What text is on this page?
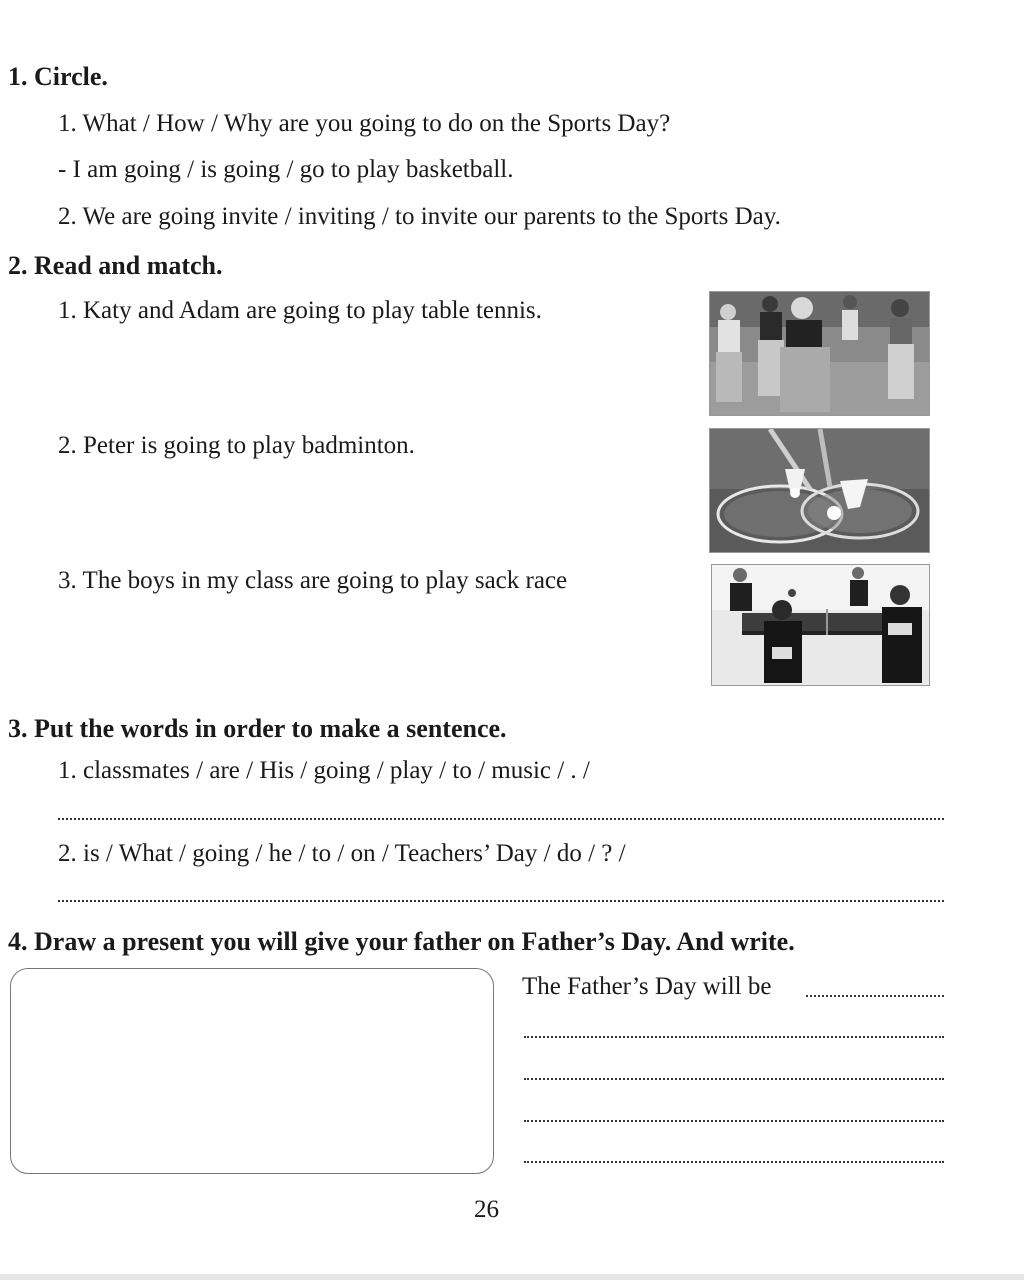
1. Circle.
1. What / How / Why are you going to do on the Sports Day?
- I am going / is going / go to play basketball.
2. We are going invite / inviting / to invite our parents to the Sports Day.
2. Read and match.
1. Katy and Adam are going to play table tennis.
2. Peter is going to play badminton.
3. The boys in my class are going to play sack race
3. Put the words in order to make a sentence.
1. classmates / are / His / going / play / to / music / . /
2. is / What / going / he / to / on / Teachers’ Day / do / ? /
4. Draw a present you will give your father on Father’s Day. And write.
The Father’s Day will be
26
